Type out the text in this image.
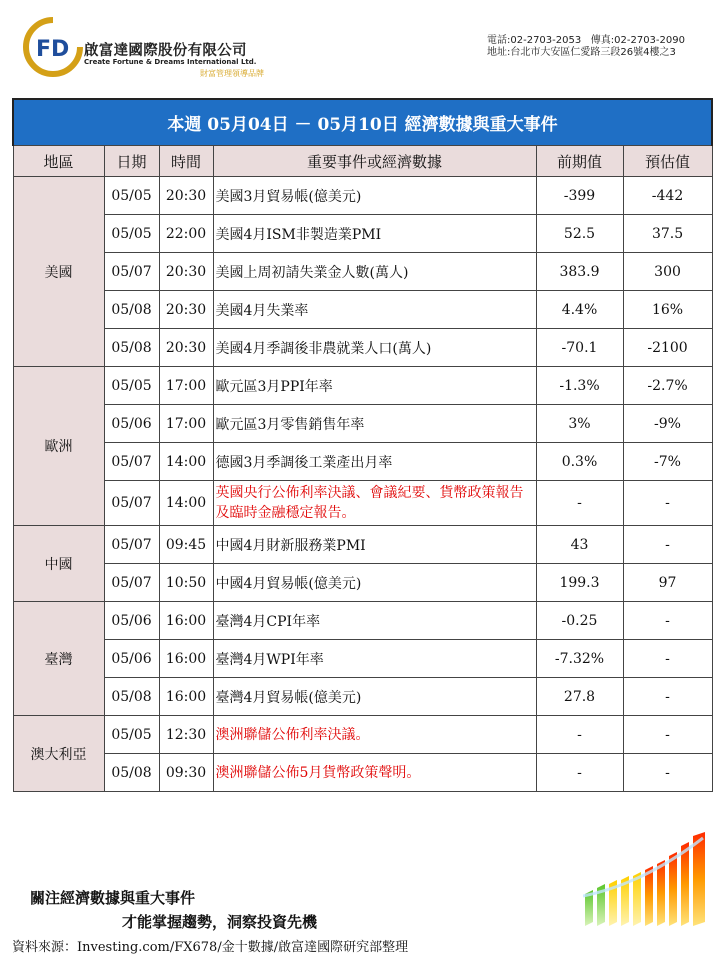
F D 啟富達國際股份有限公司
Create Fortune & Dreams International Ltd.
財富管理領導品牌
電話:02-2703-2053 傳真:02-2703-2090
地址:台北市大安區仁愛路三段26號4樓之3
本週 05月04日 － 05月10日 經濟數據與重大事件					
地區	日期	時間	重要事件或經濟數據	前期值	預估值
美國	05/05	20:30	美國3月貿易帳(億美元)	-399	-442
	05/05	22:00	美國4月ISM非製造業PMI	52.5	37.5
	05/07	20:30	美國上周初請失業金人數(萬人)	383.9	300
	05/08	20:30	美國4月失業率	4.4%	16%
	05/08	20:30	美國4月季調後非農就業人口(萬人)	-70.1	-2100
歐洲	05/05	17:00	歐元區3月PPI年率	-1.3%	-2.7%
	05/06	17:00	歐元區3月零售銷售年率	3%	-9%
	05/07	14:00	德國3月季調後工業產出月率	0.3%	-7%
	05/07	14:00	英國央行公佈利率決議、會議紀要、貨幣政策報告及臨時金融穩定報告。	-	-
中國	05/07	09:45	中國4月財新服務業PMI	43	-
	05/07	10:50	中國4月貿易帳(億美元)	199.3	97
臺灣	05/06	16:00	臺灣4月CPI年率	-0.25	-
	05/06	16:00	臺灣4月WPI年率	-7.32%	-
	05/08	16:00	臺灣4月貿易帳(億美元)	27.8	-
澳大利亞	05/05	12:30	澳洲聯儲公佈利率決議。	-	-
	05/08	09:30	澳洲聯儲公佈5月貨幣政策聲明。	-	-
關注經濟數據與重大事件
才能掌握趨勢，洞察投資先機
資料來源：Investing.com/FX678/金十數據/啟富達國際研究部整理
